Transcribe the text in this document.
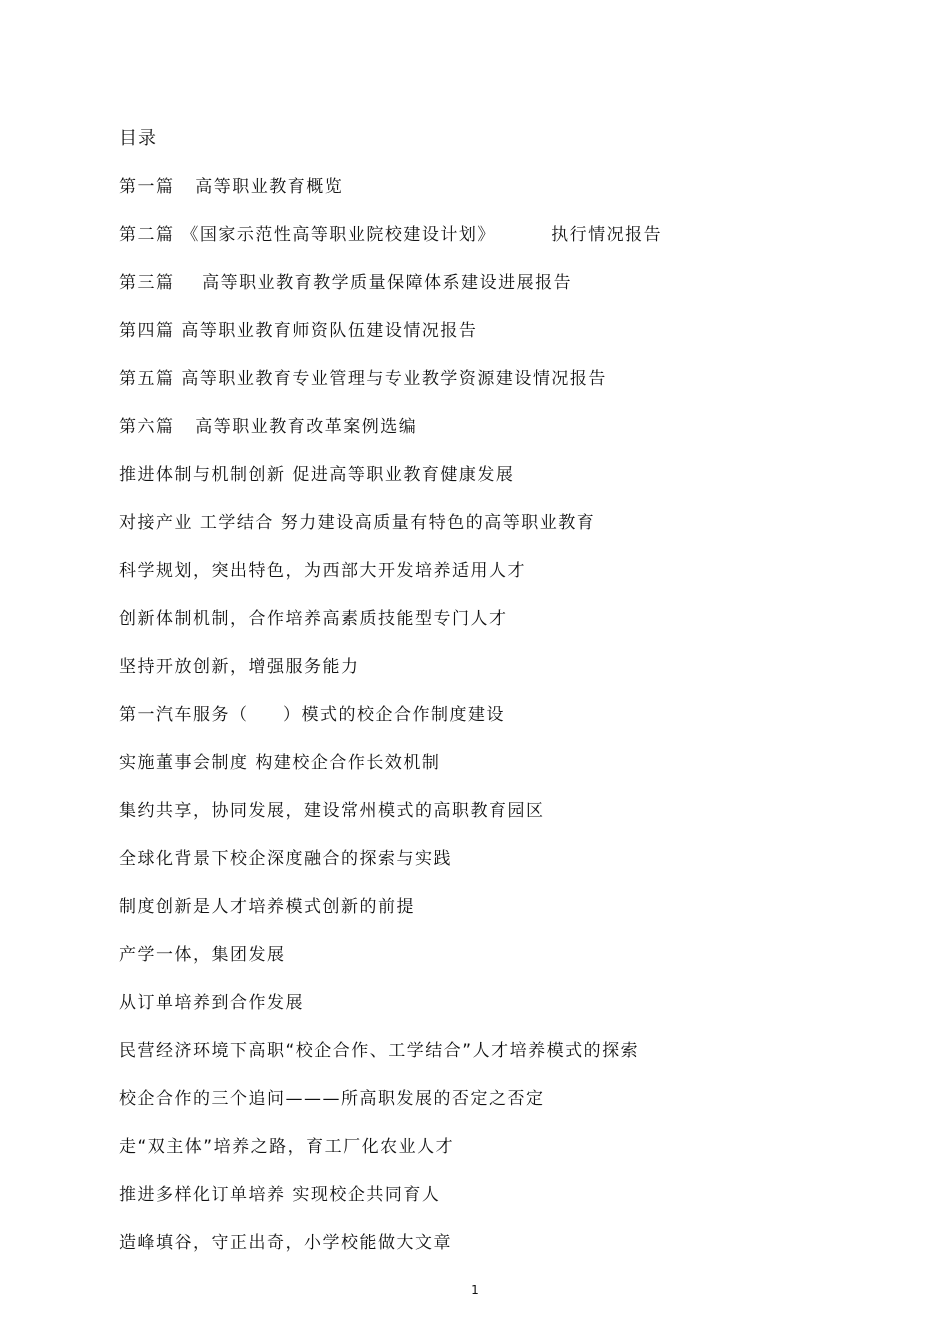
目录
第一篇   高等职业教育概览
第二篇 《国家示范性高等职业院校建设计划》        执行情况报告
第三篇    高等职业教育教学质量保障体系建设进展报告
第四篇 高等职业教育师资队伍建设情况报告
第五篇 高等职业教育专业管理与专业教学资源建设情况报告
第六篇   高等职业教育改革案例选编
推进体制与机制创新 促进高等职业教育健康发展
对接产业 工学结合 努力建设高质量有特色的高等职业教育
科学规划，突出特色，为西部大开发培养适用人才
创新体制机制，合作培养高素质技能型专门人才
坚持开放创新，增强服务能力
第一汽车服务（     ）模式的校企合作制度建设
实施董事会制度 构建校企合作长效机制
集约共享，协同发展，建设常州模式的高职教育园区
全球化背景下校企深度融合的探索与实践
制度创新是人才培养模式创新的前提
产学一体，集团发展
从订单培养到合作发展
民营经济环境下高职“校企合作、工学结合”人才培养模式的探索
校企合作的三个追问———所高职发展的否定之否定
走“双主体”培养之路，育工厂化农业人才
推进多样化订单培养 实现校企共同育人
造峰填谷，守正出奇，小学校能做大文章
1
